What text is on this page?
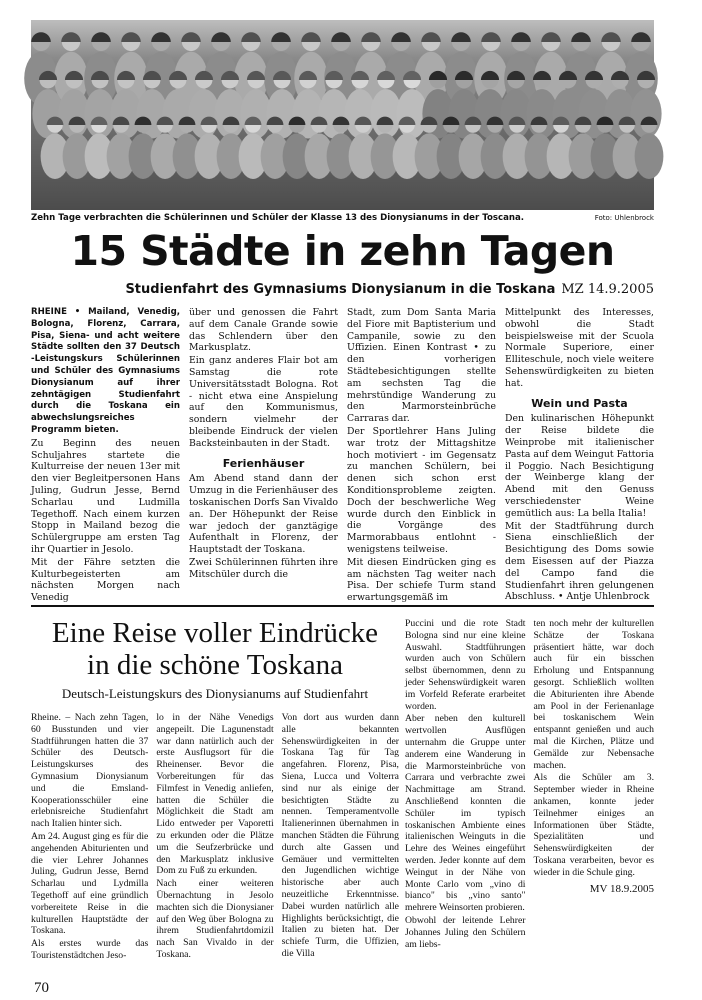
Zehn Tage verbrachten die Schülerinnen und Schüler der Klasse 13 des Dionysianums in der Toscana.	Foto: Uhlenbrock
15 Städte in zehn Tagen
Studienfahrt des Gymnasiums Dionysianum in die Toskana MZ 14.9.2005

RHEINE • Mailand, Venedig, Bologna, Florenz, Carrara, Pisa, Siena- und acht weitere Städte sollten den 37 Deutsch -Leistungskurs Schülerinnen und Schüler des Gymnasiums Dionysianum auf ihrer zehntägigen Studienfahrt durch die Toskana ein abwechslungsreiches Programm bieten.

Zu Beginn des neuen Schuljahres startete die Kulturreise der neuen 13er mit den vier Begleitpersonen Hans Juling, Gudrun Jesse, Bernd Scharlau und Ludmilla Tegethoff. Nach einem kurzen Stopp in Mailand bezog die Schülergruppe am ersten Tag ihr Quartier in Jesolo.

Mit der Fähre setzten die Kulturbegeisterten am nächsten Morgen nach Venedig

über und genossen die Fahrt auf dem Canale Grande sowie das Schlendern über den Markusplatz.

Ein ganz anderes Flair bot am Samstag die rote Universitätsstadt Bologna. Rot - nicht etwa eine Anspielung auf den Kommunismus, sondern vielmehr der bleibende Eindruck der vielen Backsteinbauten in der Stadt.

Ferienhäuser

Am Abend stand dann der Umzug in die Ferienhäuser des toskanischen Dorfs San Vivaldo an. Der Höhepunkt der Reise war jedoch der ganztägige Aufenthalt in Florenz, der Hauptstadt der Toskana.

Zwei Schülerinnen führten ihre Mitschüler durch die

Stadt, zum Dom Santa Maria del Fiore mit Baptisterium und Campanile, sowie zu den Uffizien. Einen Kontrast • zu den vorherigen Städtebesichtigungen stellte am sechsten Tag die mehrstündige Wanderung zu den Marmorsteinbrüche Carraras dar.

Der Sportlehrer Hans Juling war trotz der Mittagshitze hoch motiviert - im Gegensatz zu manchen Schülern, bei denen sich schon erst Konditionsprobleme zeigten. Doch der beschwerliche Weg wurde durch den Einblick in die Vorgänge des Marmorabbaus entlohnt - wenigstens teilweise.

Mit diesen Eindrücken ging es am nächsten Tag weiter nach Pisa. Der schiefe Turm stand erwartungsgemäß im

Mittelpunkt des Interesses, obwohl die Stadt beispielsweise mit der Scuola Normale Superiore, einer Elliteschule, noch viele weitere Sehenswürdigkeiten zu bieten hat.

Wein und Pasta

Den kulinarischen Höhepunkt der Reise bildete die Weinprobe mit italienischer Pasta auf dem Weingut Fattoria il Poggio. Nach Besichtigung der Weinberge klang der Abend mit den Genuss verschiedenster Weine gemütlich aus: La bella Italia!

Mit der Stadtführung durch Siena einschließlich der Besichtigung des Doms sowie dem Eisessen auf der Piazza del Campo fand die Studienfahrt ihren gelungenen Abschluss. • Antje Uhlenbrock

Eine Reise voller Eindrücke
in die schöne Toskana
Deutsch-Leistungskurs des Dionysianums auf Studienfahrt

Rheine. – Nach zehn Tagen, 60 Busstunden und vier Stadtführungen hatten die 37 Schüler des Deutsch-Leistungskurses des Gymnasium Dionysianum und die Emsland-Kooperationsschüler eine erlebnisreiche Studienfahrt nach Italien hinter sich.

Am 24. August ging es für die angehenden Abiturienten und die vier Lehrer Johannes Juling, Gudrun Jesse, Bernd Scharlau und Lydmilla Tegethoff auf eine gründlich vorbereitete Reise in die kulturellen Hauptstädte der Toskana.

Als erstes wurde das Touristenstädtchen Jeso-

lo in der Nähe Venedigs angepeilt. Die Lagunenstadt war dann natürlich auch der erste Ausflugsort für die Rheinenser. Bevor die Vorbereitungen für das Filmfest in Venedig anliefen, hatten die Schüler die Möglichkeit die Stadt am Lido entweder per Vaporetti zu erkunden oder die Plätze um die Seufzerbrücke und den Markusplatz inklusive Dom zu Fuß zu erkunden.

Nach einer weiteren Übernachtung in Jesolo machten sich die Dionysianer auf den Weg über Bologna zu ihrem Studienfahrtdomizil nach San Vivaldo in der Toskana.

Von dort aus wurden dann alle bekannten Sehenswürdigkeiten in der Toskana Tag für Tag angefahren. Florenz, Pisa, Siena, Lucca und Volterra sind nur als einige der besichtigten Städte zu nennen. Temperamentvolle Italienerinnen übernahmen in manchen Städten die Führung durch alte Gassen und Gemäuer und vermittelten den Jugendlichen wichtige historische aber auch neuzeitliche Erkenntnisse. Dabei wurden natürlich alle Highlights berücksichtigt, die Italien zu bieten hat. Der schiefe Turm, die Uffizien, die Villa

Puccini und die rote Stadt Bologna sind nur eine kleine Auswahl. Stadtführungen wurden auch von Schülern selbst übernommen, denn zu jeder Sehenswürdigkeit waren im Vorfeld Referate erarbeitet worden.

Aber neben den kulturell wertvollen Ausflügen unternahm die Gruppe unter anderem eine Wanderung in die Marmorsteinbrüche von Carrara und verbrachte zwei Nachmittage am Strand. Anschließend konnten die Schüler im typisch toskanischen Ambiente eines italienischen Weinguts in die Lehre des Weines eingeführt werden. Jeder konnte auf dem Weingut in der Nähe von Monte Carlo vom „vino di bianco" bis „vino santo" mehrere Weinsorten probieren.

Obwohl der leitende Lehrer Johannes Juling den Schülern am liebs-

ten noch mehr der kulturellen Schätze der Toskana präsentiert hätte, war doch auch für ein bisschen Erholung und Entspannung gesorgt. Schließlich wollten die Abiturienten ihre Abende am Pool in der Ferienanlage bei toskanischem Wein entspannt genießen und auch mal die Kirchen, Plätze und Gemälde zur Nebensache machen.

Als die Schüler am 3. September wieder in Rheine ankamen, konnte jeder Teilnehmer einiges an Informationen über Städte, Spezialitäten und Sehenswürdigkeiten der Toskana verarbeiten, bevor es wieder in die Schule ging.

MV 18.9.2005
70
